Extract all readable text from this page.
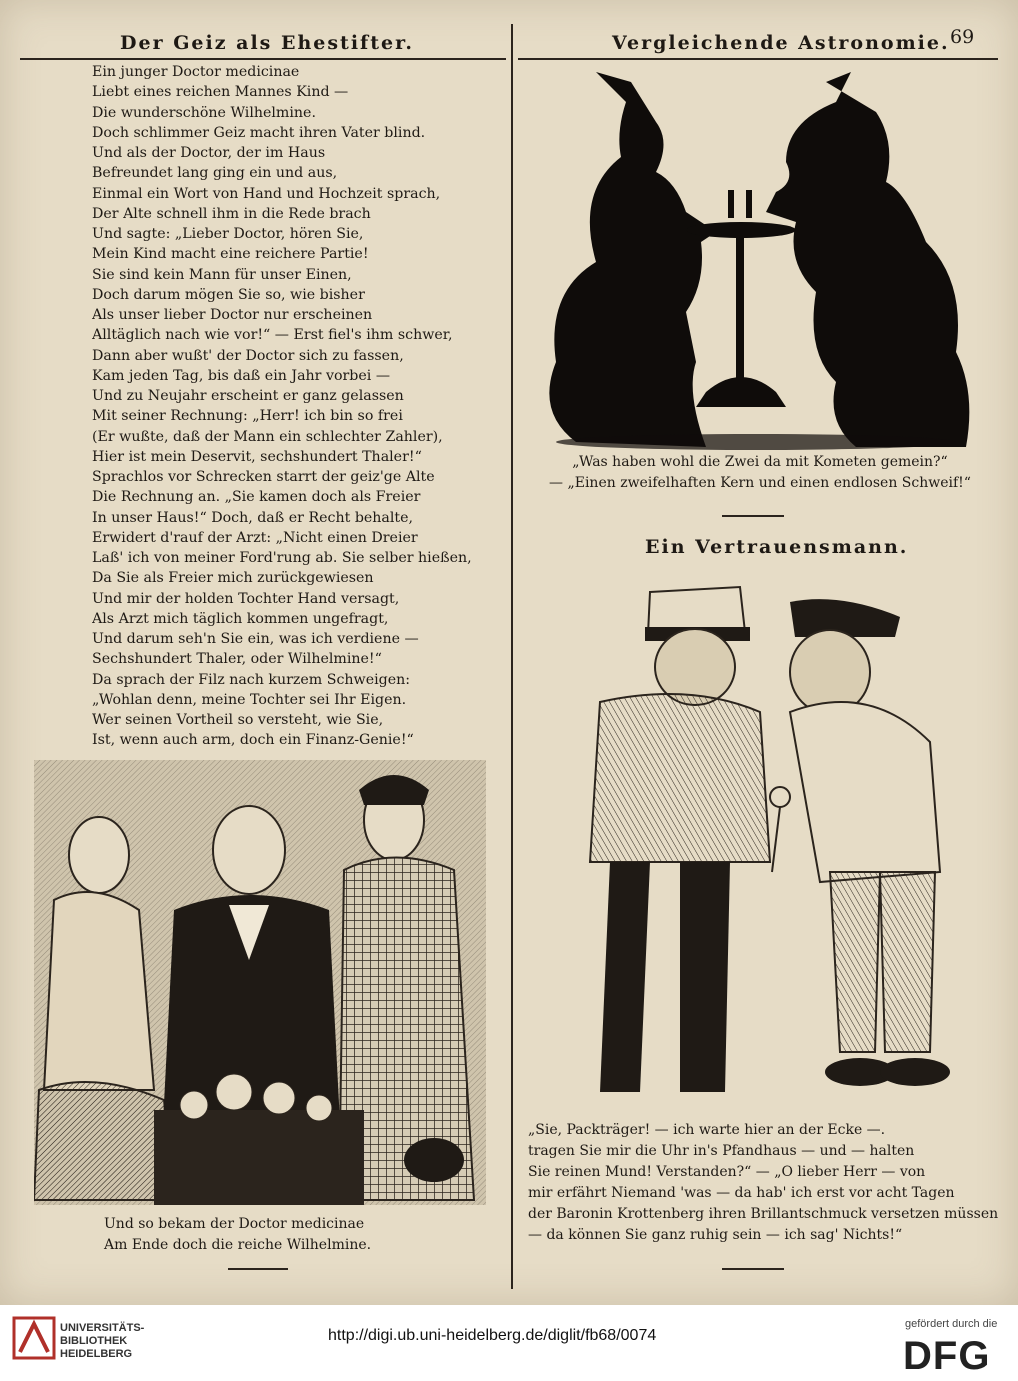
Der Geiz als Ehestifter.	Vergleichende Astronomie. 69
Ein junger Doctor medicinae
Liebt eines reichen Mannes Kind —
Die wunderschöne Wilhelmine.
Doch schlimmer Geiz macht ihren Vater blind.
Und als der Doctor, der im Haus
Befreundet lang ging ein und aus,
Einmal ein Wort von Hand und Hochzeit sprach,
Der Alte schnell ihm in die Rede brach
Und sagte: „Lieber Doctor, hören Sie,
Mein Kind macht eine reichere Partie!
Sie sind kein Mann für unser Einen,
Doch darum mögen Sie so, wie bisher
Als unser lieber Doctor nur erscheinen
Alltäglich nach wie vor!“ — Erst fiel's ihm schwer,
Dann aber wußt' der Doctor sich zu fassen,
Kam jeden Tag, bis daß ein Jahr vorbei —
Und zu Neujahr erscheint er ganz gelassen
Mit seiner Rechnung: „Herr! ich bin so frei
(Er wußte, daß der Mann ein schlechter Zahler),
Hier ist mein Deservit, sechshundert Thaler!“
Sprachlos vor Schrecken starrt der geiz'ge Alte
Die Rechnung an. „Sie kamen doch als Freier
In unser Haus!“ Doch, daß er Recht behalte,
Erwidert d'rauf der Arzt: „Nicht einen Dreier
Laß' ich von meiner Ford'rung ab. Sie selber hießen,
Da Sie als Freier mich zurückgewiesen
Und mir der holden Tochter Hand versagt,
Als Arzt mich täglich kommen ungefragt,
Und darum seh'n Sie ein, was ich verdiene —
Sechshundert Thaler, oder Wilhelmine!“
Da sprach der Filz nach kurzem Schweigen:
„Wohlan denn, meine Tochter sei Ihr Eigen.
Wer seinen Vortheil so versteht, wie Sie,
Ist, wenn auch arm, doch ein Finanz-Genie!“
Und so bekam der Doctor medicinae
Am Ende doch die reiche Wilhelmine.
„Was haben wohl die Zwei da mit Kometen gemein?“
— „Einen zweifelhaften Kern und einen endlosen Schweif!“
Ein Vertrauensmann.
„Sie, Packträger! — ich warte hier an der Ecke —.
tragen Sie mir die Uhr in's Pfandhaus — und — halten
Sie reinen Mund! Verstanden?“ — „O lieber Herr — von
mir erfährt Niemand 'was — da hab' ich erst vor acht Tagen
der Baronin Krottenberg ihren Brillantschmuck versetzen müssen
— da können Sie ganz ruhig sein — ich sag' Nichts!“
UNIVERSITÄTS-
BIBLIOTHEK
HEIDELBERG
http://digi.ub.uni-heidelberg.de/diglit/fb68/0074
gefördert durch die
DFG
